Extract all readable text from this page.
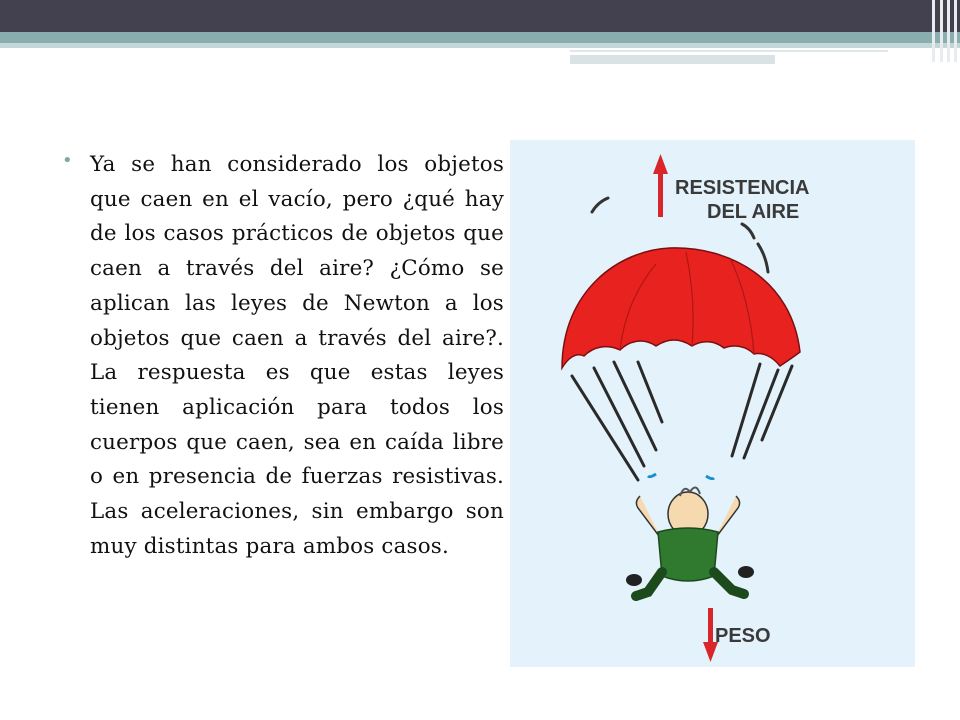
• Ya se han considerado los objetos que caen en el vacío, pero ¿qué hay de los casos prácticos de objetos que caen a través del aire? ¿Cómo se aplican las leyes de Newton a los objetos que caen a través del aire?. La respuesta es que estas leyes tienen aplicación para todos los cuerpos que caen, sea en caída libre o en presencia de fuerzas resistivas. Las aceleraciones, sin embargo son muy distintas para ambos casos.

RESISTENCIA
DEL AIRE
PESO
